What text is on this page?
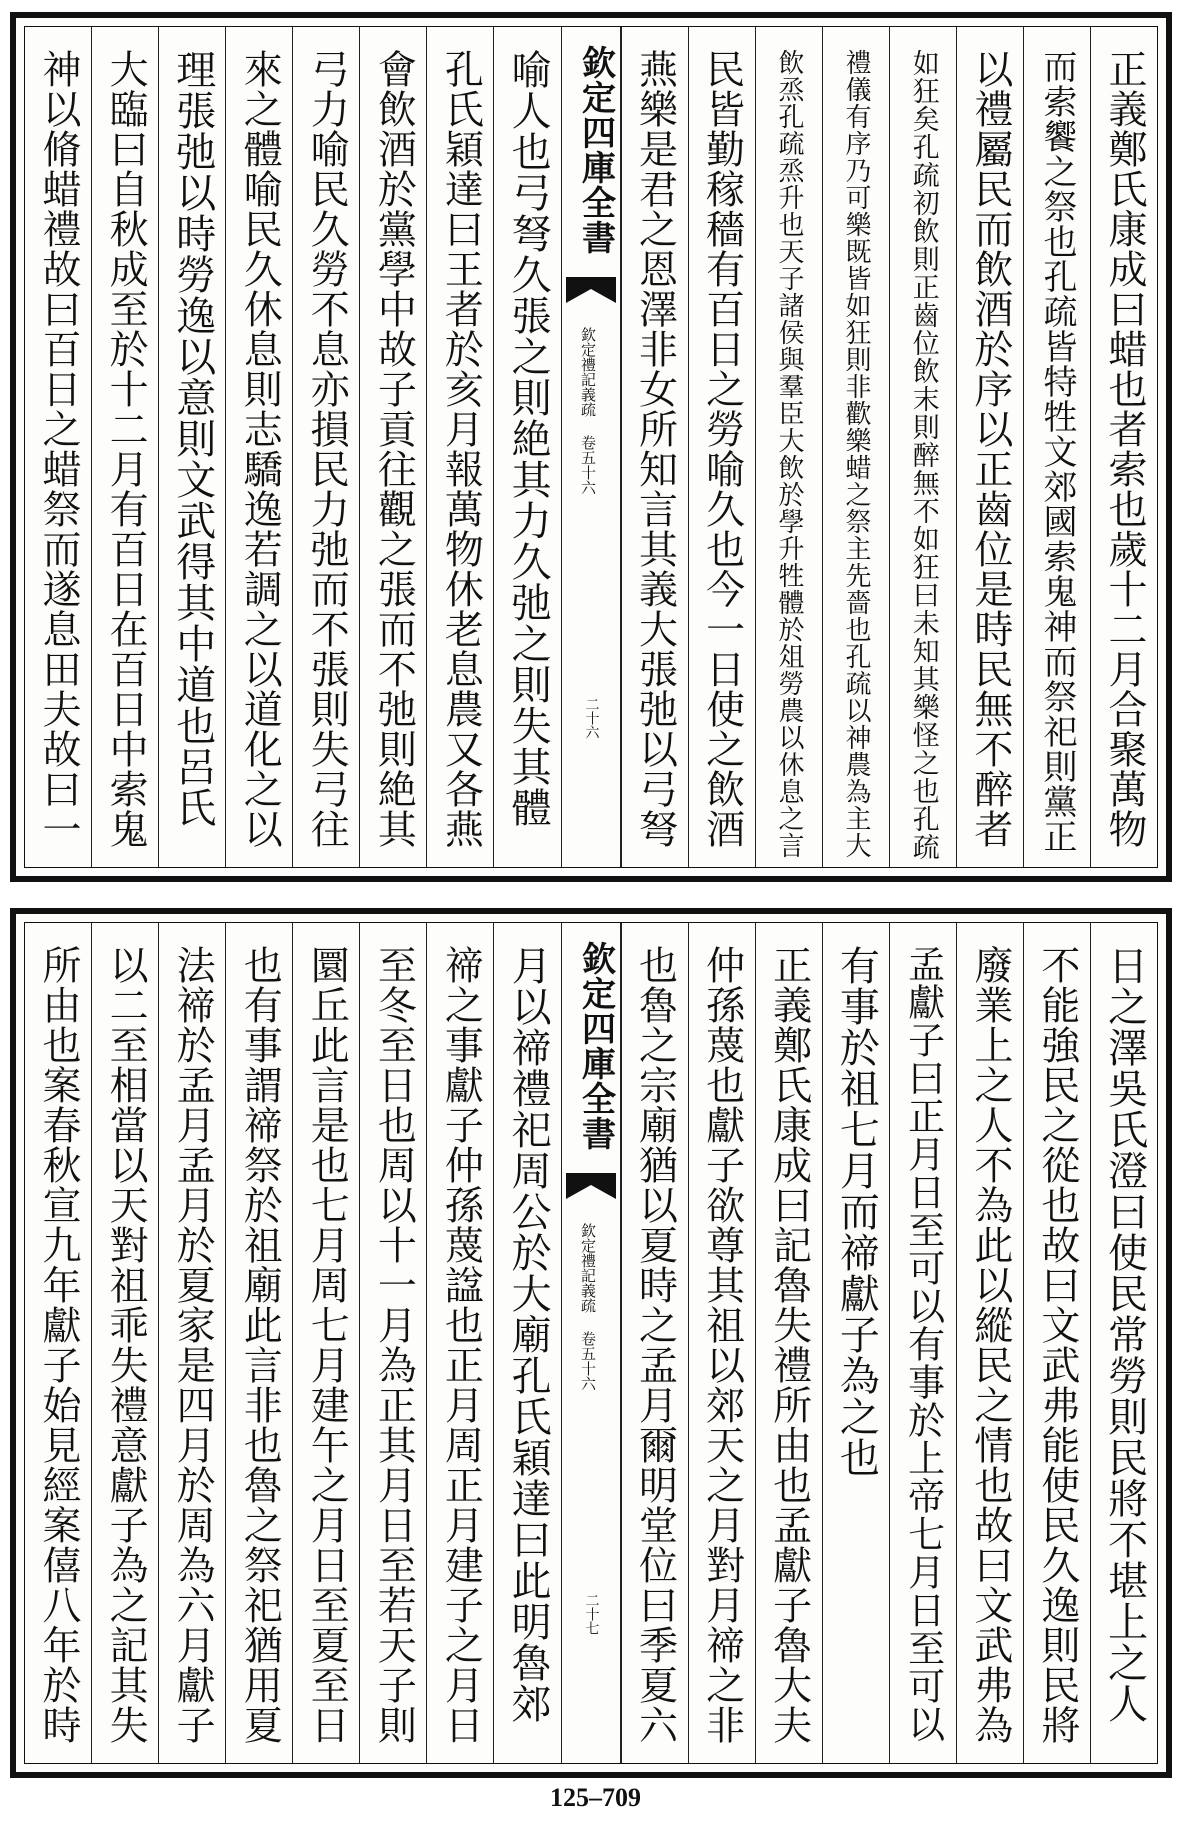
正義鄭氏康成曰蜡也者索也歲十二月合聚萬物
而索饗之祭也孔疏皆特牲文郊國索鬼神而祭祀則黨正
以禮屬民而飲酒於序以正齒位是時民無不醉者
如狂矣孔疏初飲則正齒位飲末則醉無不如狂曰未知其樂怪之也孔疏
禮儀有序乃可樂既皆如狂則非歡樂蜡之祭主先嗇也孔疏以神農為主大
飲烝孔疏烝升也天子諸侯與羣臣大飲於學升牲體於俎勞農以休息之言
民皆勤稼穡有百日之勞喻久也今一日使之飲酒
燕樂是君之恩澤非女所知言其義大張弛以弓弩
欽定四庫全書
欽定禮記義疏 卷五十六
二十六
喻人也弓弩久張之則絶其力久弛之則失其體
孔氏穎達曰王者於亥月報萬物休老息農又各燕
會飲酒於黨學中故子貢往觀之張而不弛則絶其
弓力喻民久勞不息亦損民力弛而不張則失弓往
來之體喻民久休息則志驕逸若調之以道化之以
理張弛以時勞逸以意則文武得其中道也呂氏
大臨曰自秋成至於十二月有百日在百日中索鬼
神以脩蜡禮故曰百日之蜡祭而遂息田夫故曰一
日之澤吳氏澄曰使民常勞則民將不堪上之人
不能強民之從也故曰文武弗能使民久逸則民將
廢業上之人不為此以縱民之情也故曰文武弗為
孟獻子曰正月日至可以有事於上帝七月日至可以
有事於祖七月而禘獻子為之也
正義鄭氏康成曰記魯失禮所由也孟獻子魯大夫
仲孫蔑也獻子欲尊其祖以郊天之月對月禘之非
也魯之宗廟猶以夏時之孟月爾明堂位曰季夏六
欽定四庫全書
欽定禮記義疏 卷五十六
二十七
月以禘禮祀周公於大廟孔氏穎達曰此明魯郊
禘之事獻子仲孫蔑諡也正月周正月建子之月日
至冬至日也周以十一月為正其月日至若天子則
圜丘此言是也七月周七月建午之月日至夏至日
也有事謂禘祭於祖廟此言非也魯之祭祀猶用夏
法禘於孟月孟月於夏家是四月於周為六月獻子
以二至相當以天對祖乖失禮意獻子為之記其失
所由也案春秋宣九年獻子始見經案僖八年於時
125–709
